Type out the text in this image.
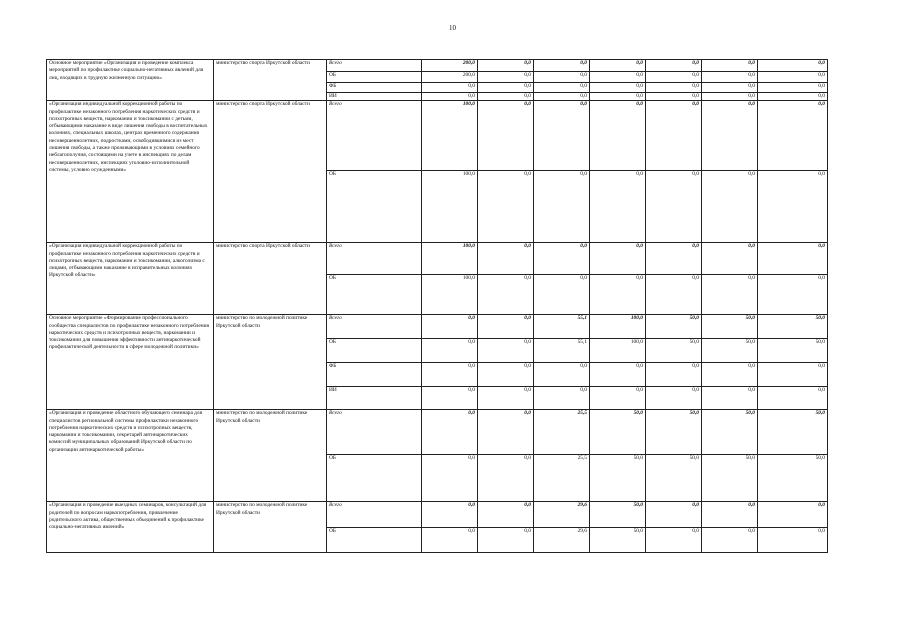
10
Основное мероприятие «Организация и проведение комплекса мероприятий по профилактике социально-негативных явлений для лиц, входящих в трудную жизненную ситуацию»	министерство спорта Иркутской области	Всего	200,0	0,0	0,0	0,0	0,0	0,0	0,0
		ОБ	200,0	0,0	0,0	0,0	0,0	0,0	0,0
		ФБ	0,0	0,0	0,0	0,0	0,0	0,0	0,0
		ИИ	0,0	0,0	0,0	0,0	0,0	0,0	0,0
«Организация индивидуальной коррекционной работы по профилактике незаконного потребления наркотических средств и психотропных веществ, наркомании и токсикомании с детьми, отбывающими наказание в виде лишения свободы в воспитательных колониях, специальных школах, центрах временного содержания несовершеннолетних, подростками, освободившимися из мест лишения свободы, а также проживающими в условиях семейного неблагополучия, состоящими на учете в инспекциях по делам несовершеннолетних, инспекциях уголовно-исполнительной системы, условно осужденными»	министерство спорта Иркутской области	Всего	100,0	0,0	0,0	0,0	0,0	0,0	0,0
		ОБ	100,0	0,0	0,0	0,0	0,0	0,0	0,0
«Организация индивидуальной коррекционной работы по профилактике незаконного потребления наркотических средств и психотропных веществ, наркомании и токсикомании, алкоголизма с лицами, отбывающими наказание в исправительных колониях Иркутской области»	министерство спорта Иркутской области	Всего	100,0	0,0	0,0	0,0	0,0	0,0	0,0
		ОБ	100,0	0,0	0,0	0,0	0,0	0,0	0,0
Основное мероприятие «Формирование профессионального сообщества специалистов по профилактике незаконного потребления наркотических средств и психотропных веществ, наркомании и токсикомании для повышения эффективности антинаркотической профилактической деятельности в сфере молодежной политики»	министерство по молодежной политике Иркутской области	Всего	0,0	0,0	55,1	100,0	50,0	50,0	50,0
		ОБ	0,0	0,0	55,1	100,0	50,0	50,0	50,0
		ФБ	0,0	0,0	0,0	0,0	0,0	0,0	0,0
		ИИ	0,0	0,0	0,0	0,0	0,0	0,0	0,0
«Организация и проведение областного обучающего семинара для специалистов региональной системы профилактики незаконного потребления наркотических средств и психотропных веществ, наркомании и токсикомании, секретарей антинаркотических комиссий муниципальных образований Иркутской области по организации антинаркотической работы»	министерство по молодежной политике Иркутской области	Всего	0,0	0,0	25,5	50,0	50,0	50,0	50,0
		ОБ	0,0	0,0	25,5	50,0	50,0	50,0	50,0
«Организация и проведение выездных семинаров, консультаций для родителей по вопросам наркопотребления, привлечение родительского актива, общественных объединений к профилактике социально-негативных явлений»	министерство по молодежной политике Иркутской области	Всего	0,0	0,0	29,6	50,0	0,0	0,0	0,0
		ОБ	0,0	0,0	29,6	50,0	0,0	0,0	0,0
